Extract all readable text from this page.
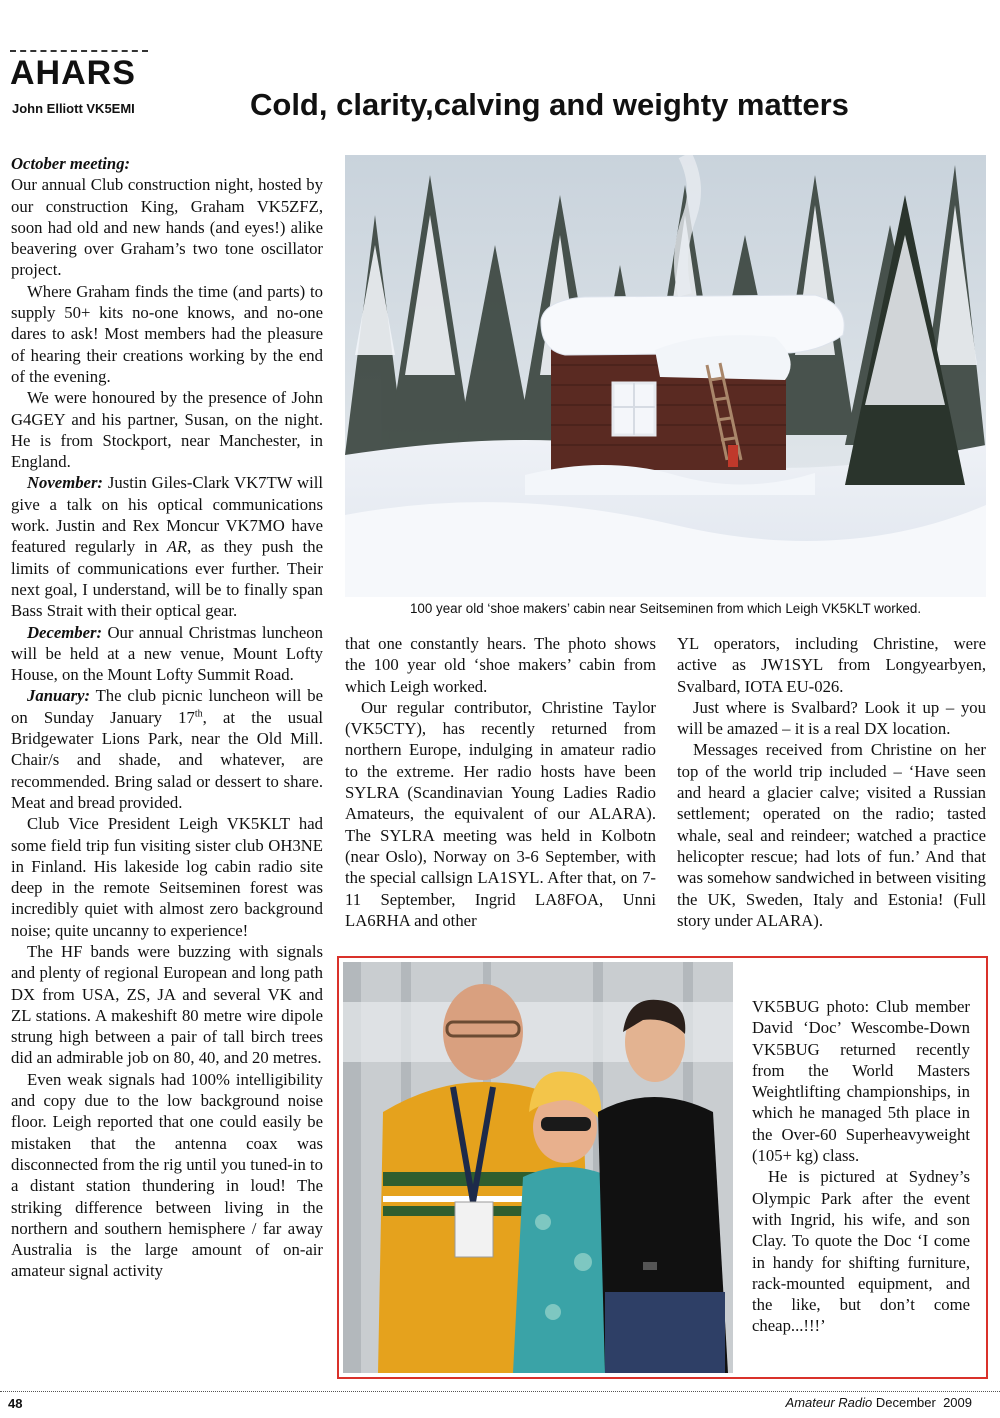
AHARS
John Elliott VK5EMI	Cold, clarity,calving and weighty matters

October meeting:

Our annual Club construction night, hosted by our construction King, Graham VK5ZFZ, soon had old and new hands (and eyes!) alike beavering over Graham’s two tone oscillator project.

Where Graham finds the time (and parts) to supply 50+ kits no-one knows, and no-one dares to ask! Most members had the pleasure of hearing their creations working by the end of the evening.

We were honoured by the presence of John G4GEY and his partner, Susan, on the night. He is from Stockport, near Manchester, in England.

November: Justin Giles-Clark VK7TW will give a talk on his optical communications work. Justin and Rex Moncur VK7MO have featured regularly in AR, as they push the limits of communications ever further. Their next goal, I understand, will be to finally span Bass Strait with their optical gear.

December: Our annual Christmas luncheon will be held at a new venue, Mount Lofty House, on the Mount Lofty Summit Road.

January: The club picnic luncheon will be on Sunday January 17th, at the usual Bridgewater Lions Park, near the Old Mill. Chair/s and shade, and whatever, are recommended. Bring salad or dessert to share. Meat and bread provided.

Club Vice President Leigh VK5KLT had some field trip fun visiting sister club OH3NE in Finland. His lakeside log cabin radio site deep in the remote Seitseminen forest was incredibly quiet with almost zero background noise; quite uncanny to experience!

The HF bands were buzzing with signals and plenty of regional European and long path DX from USA, ZS, JA and several VK and ZL stations. A makeshift 80 metre wire dipole strung high between a pair of tall birch trees did an admirable job on 80, 40, and 20 metres.

Even weak signals had 100% intelligibility and copy due to the low background noise floor. Leigh reported that one could easily be mistaken that the antenna coax was disconnected from the rig until you tuned-in to a distant station thundering in loud! The striking difference between living in the northern and southern hemisphere / far away Australia is the large amount of on-air amateur signal activity

100 year old ‘shoe makers’ cabin near Seitseminen from which Leigh VK5KLT worked.

that one constantly hears. The photo shows the 100 year old ‘shoe makers’ cabin from which Leigh worked.

Our regular contributor, Christine Taylor (VK5CTY), has recently returned from northern Europe, indulging in amateur radio to the extreme. Her radio hosts have been SYLRA (Scandinavian Young Ladies Radio Amateurs, the equivalent of our ALARA). The SYLRA meeting was held in Kolbotn (near Oslo), Norway on 3-6 September, with the special callsign LA1SYL. After that, on 7-11 September, Ingrid LA8FOA, Unni LA6RHA and other

YL operators, including Christine, were active as JW1SYL from Longyearbyen, Svalbard, IOTA EU-026.

Just where is Svalbard? Look it up – you will be amazed – it is a real DX location.

Messages received from Christine on her top of the world trip included – ‘Have seen and heard a glacier calve; visited a Russian settlement; operated on the radio; tasted whale, seal and reindeer; watched a practice helicopter rescue; had lots of fun.’ And that was somehow sandwiched in between visiting the UK, Sweden, Italy and Estonia! (Full story under ALARA).

VK5BUG photo: Club member David ‘Doc’ Wescombe-Down VK5BUG returned recently from the World Masters Weightlifting championships, in which he managed 5th place in the Over-60 Superheavyweight (105+ kg) class.

He is pictured at Sydney’s Olympic Park after the event with Ingrid, his wife, and son Clay. To quote the Doc ‘I come in handy for shifting furniture, rack-mounted equipment, and the like, but don’t come cheap...!!!’

48	Amateur Radio December  2009
